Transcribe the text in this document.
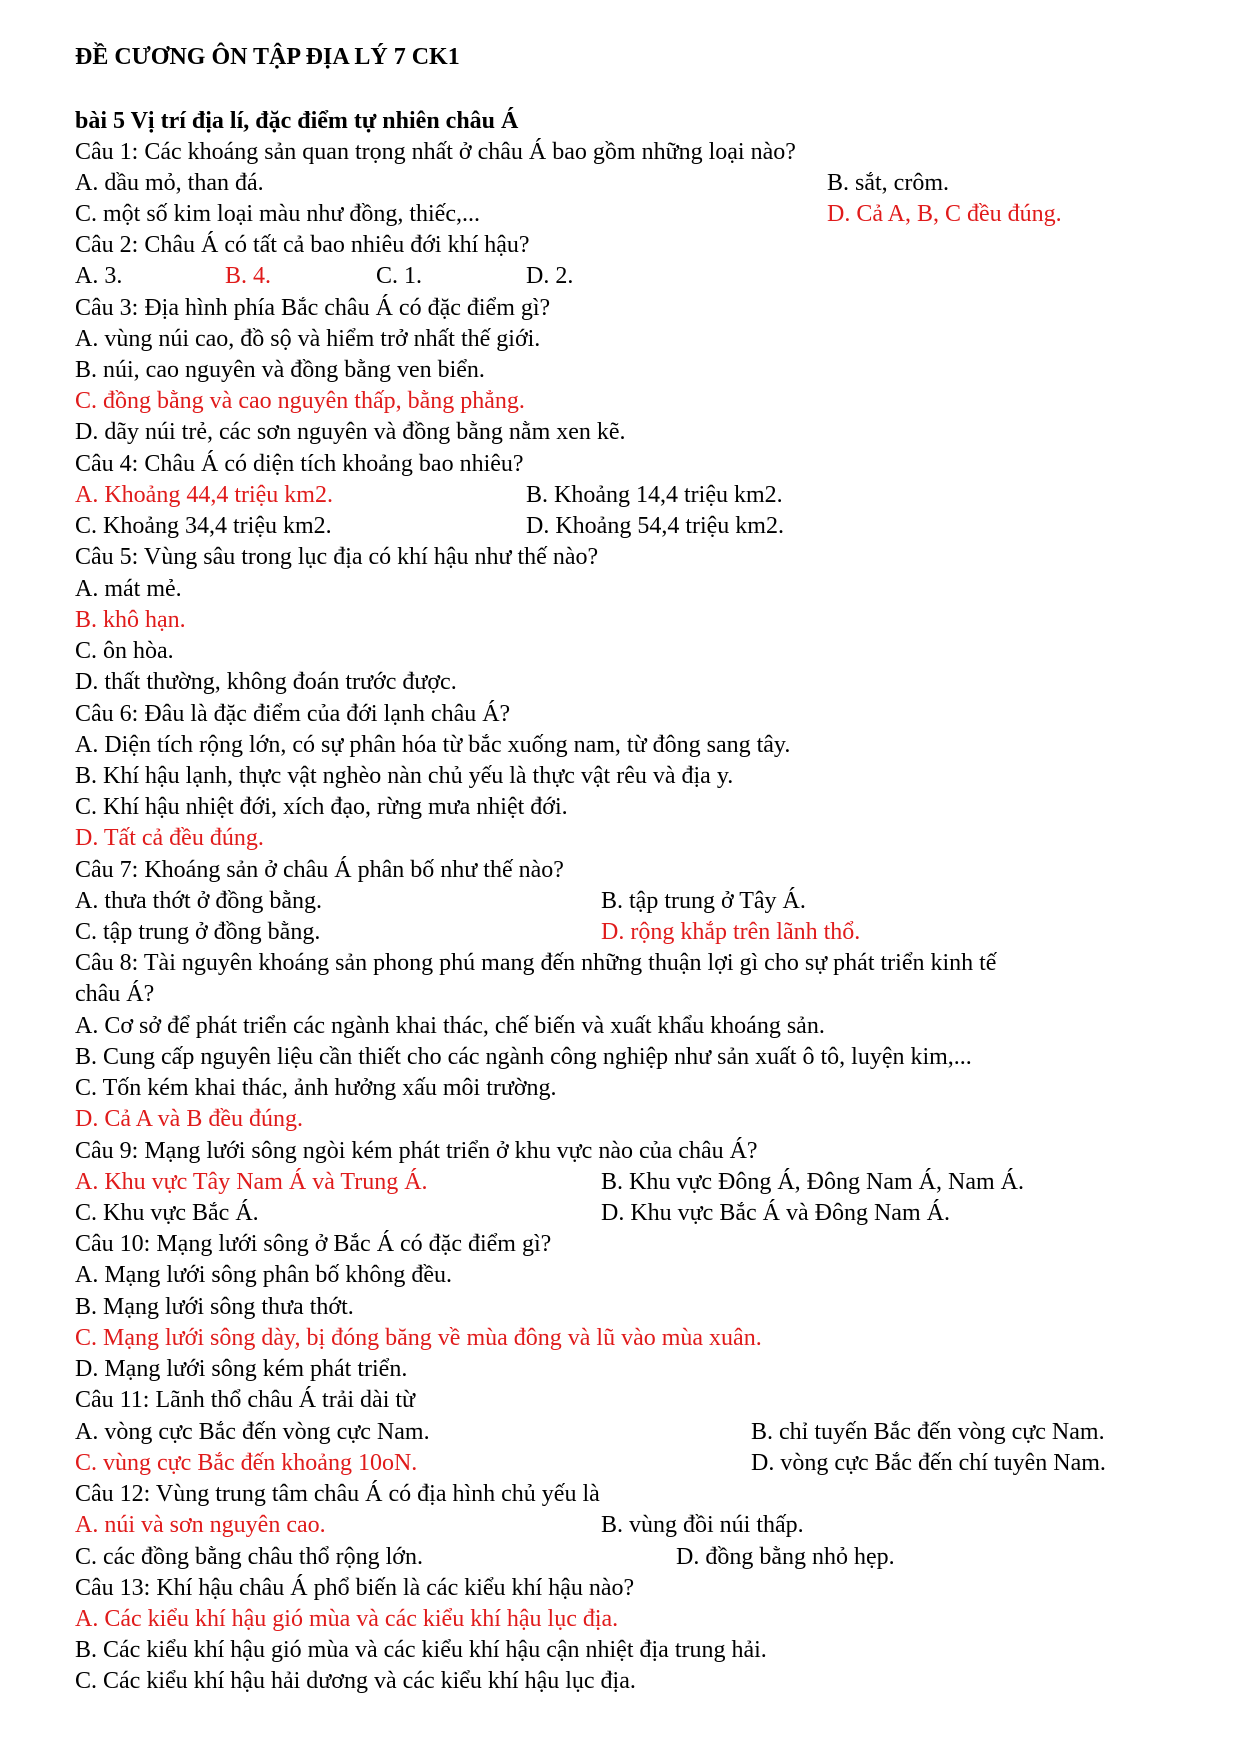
ĐỀ CƯƠNG ÔN TẬP ĐỊA LÝ 7 CK1
bài 5 Vị trí địa lí, đặc điểm tự nhiên châu Á
Câu 1: Các khoáng sản quan trọng nhất ở châu Á bao gồm những loại nào?
A. dầu mỏ, than đá.	B. sắt, crôm.
C. một số kim loại màu như đồng, thiếc,...	D. Cả A, B, C đều đúng.
Câu 2: Châu Á có tất cả bao nhiêu đới khí hậu?
A. 3.	B. 4.	C. 1.	D. 2.
Câu 3: Địa hình phía Bắc châu Á có đặc điểm gì?
A. vùng núi cao, đồ sộ và hiểm trở nhất thế giới.
B. núi, cao nguyên và đồng bằng ven biển.
C. đồng bằng và cao nguyên thấp, bằng phẳng.
D. dãy núi trẻ, các sơn nguyên và đồng bằng nằm xen kẽ.
Câu 4: Châu Á có diện tích khoảng bao nhiêu?
A. Khoảng 44,4 triệu km2.	B. Khoảng 14,4 triệu km2.
C. Khoảng 34,4 triệu km2.	D. Khoảng 54,4 triệu km2.
Câu 5: Vùng sâu trong lục địa có khí hậu như thế nào?
A. mát mẻ.
B. khô hạn.
C. ôn hòa.
D. thất thường, không đoán trước được.
Câu 6: Đâu là đặc điểm của đới lạnh châu Á?
A. Diện tích rộng lớn, có sự phân hóa từ bắc xuống nam, từ đông sang tây.
B. Khí hậu lạnh, thực vật nghèo nàn chủ yếu là thực vật rêu và địa y.
C. Khí hậu nhiệt đới, xích đạo, rừng mưa nhiệt đới.
D. Tất cả đều đúng.
Câu 7: Khoáng sản ở châu Á phân bố như thế nào?
A. thưa thớt ở đồng bằng.	B. tập trung ở Tây Á.
C. tập trung ở đồng bằng.	D. rộng khắp trên lãnh thổ.
Câu 8: Tài nguyên khoáng sản phong phú mang đến những thuận lợi gì cho sự phát triển kinh tế
châu Á?
A. Cơ sở để phát triển các ngành khai thác, chế biến và xuất khẩu khoáng sản.
B. Cung cấp nguyên liệu cần thiết cho các ngành công nghiệp như sản xuất ô tô, luyện kim,...
C. Tốn kém khai thác, ảnh hưởng xấu môi trường.
D. Cả A và B đều đúng.
Câu 9: Mạng lưới sông ngòi kém phát triển ở khu vực nào của châu Á?
A. Khu vực Tây Nam Á và Trung Á.	B. Khu vực Đông Á, Đông Nam Á, Nam Á.
C. Khu vực Bắc Á.	D. Khu vực Bắc Á và Đông Nam Á.
Câu 10: Mạng lưới sông ở Bắc Á có đặc điểm gì?
A. Mạng lưới sông phân bố không đều.
B. Mạng lưới sông thưa thớt.
C. Mạng lưới sông dày, bị đóng băng về mùa đông và lũ vào mùa xuân.
D. Mạng lưới sông kém phát triển.
Câu 11: Lãnh thổ châu Á trải dài từ
A. vòng cực Bắc đến vòng cực Nam.	B. chỉ tuyến Bắc đến vòng cực Nam.
C. vùng cực Bắc đến khoảng 10oN.	D. vòng cực Bắc đến chí tuyên Nam.
Câu 12: Vùng trung tâm châu Á có địa hình chủ yếu là
A. núi và sơn nguyên cao.	B. vùng đồi núi thấp.
C. các đồng bằng châu thổ rộng lớn.	D. đồng bằng nhỏ hẹp.
Câu 13: Khí hậu châu Á phổ biến là các kiểu khí hậu nào?
A. Các kiểu khí hậu gió mùa và các kiểu khí hậu lục địa.
B. Các kiểu khí hậu gió mùa và các kiểu khí hậu cận nhiệt địa trung hải.
C. Các kiểu khí hậu hải dương và các kiểu khí hậu lục địa.
